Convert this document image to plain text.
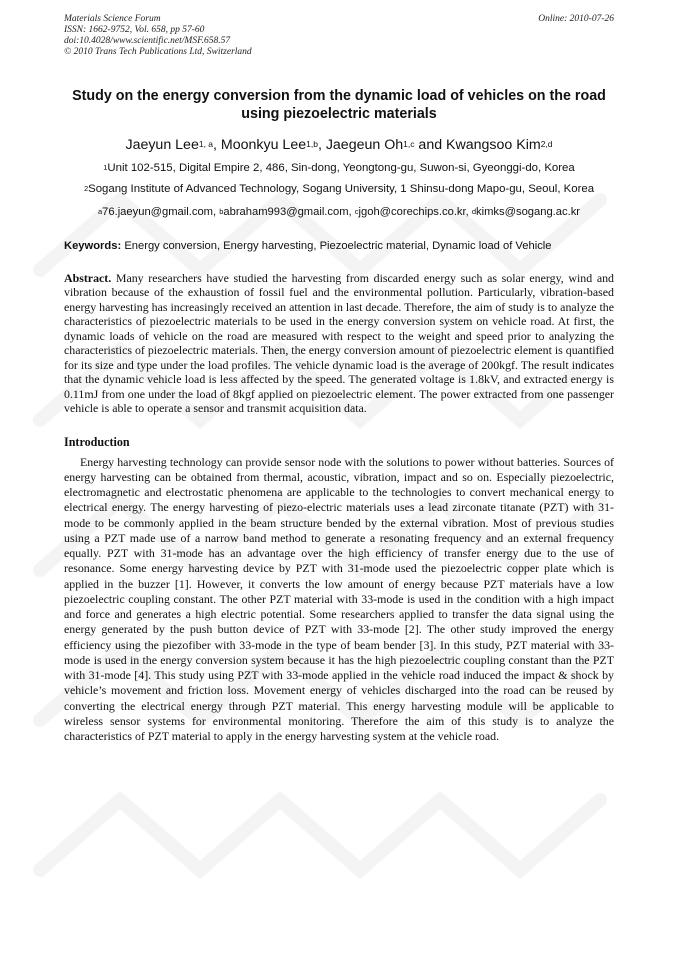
Materials Science Forum
ISSN: 1662-9752, Vol. 658, pp 57-60
doi:10.4028/www.scientific.net/MSF.658.57
© 2010 Trans Tech Publications Ltd, Switzerland
Online: 2010-07-26
Study on the energy conversion from the dynamic load of vehicles on the road using piezoelectric materials
Jaeyun Lee$^{1, a}$, Moonkyu Lee$^{1,b}$, Jaegeun Oh$^{1,c}$ and Kwangsoo Kim$^{2,d}$
$^1$Unit 102-515, Digital Empire 2, 486, Sin-dong, Yeongtong-gu, Suwon-si, Gyeonggi-do, Korea
$^2$Sogang Institute of Advanced Technology, Sogang University, 1 Shinsu-dong Mapo-gu, Seoul, Korea
$^a$76.jaeyun@gmail.com, $^b$abraham993@gmail.com, $^c$jgoh@corechips.co.kr, $^d$kimks@sogang.ac.kr
Keywords: Energy conversion, Energy harvesting, Piezoelectric material, Dynamic load of Vehicle
Abstract. Many researchers have studied the harvesting from discarded energy such as solar energy, wind and vibration because of the exhaustion of fossil fuel and the environmental pollution. Particularly, vibration-based energy harvesting has increasingly received an attention in last decade. Therefore, the aim of study is to analyze the characteristics of piezoelectric materials to be used in the energy conversion system on vehicle road. At first, the dynamic loads of vehicle on the road are measured with respect to the weight and speed prior to analyzing the characteristics of piezoelectric materials. Then, the energy conversion amount of piezoelectric element is quantified for its size and type under the load profiles. The vehicle dynamic load is the average of 200kgf. The result indicates that the dynamic vehicle load is less affected by the speed. The generated voltage is 1.8kV, and extracted energy is 0.11mJ from one under the load of 8kgf applied on piezoelectric element. The power extracted from one passenger vehicle is able to operate a sensor and transmit acquisition data.
Introduction
Energy harvesting technology can provide sensor node with the solutions to power without batteries. Sources of energy harvesting can be obtained from thermal, acoustic, vibration, impact and so on. Especially piezoelectric, electromagnetic and electrostatic phenomena are applicable to the technologies to convert mechanical energy to electrical energy. The energy harvesting of piezo-electric materials uses a lead zirconate titanate (PZT) with 31-mode to be commonly applied in the beam structure bended by the external vibration. Most of previous studies using a PZT made use of a narrow band method to generate a resonating frequency and an external frequency equally. PZT with 31-mode has an advantage over the high efficiency of transfer energy due to the use of resonance. Some energy harvesting device by PZT with 31-mode used the piezoelectric copper plate which is applied in the buzzer [1]. However, it converts the low amount of energy because PZT materials have a low piezoelectric coupling constant. The other PZT material with 33-mode is used in the condition with a high impact and force and generates a high electric potential. Some researchers applied to transfer the data signal using the energy generated by the push button device of PZT with 33-mode [2]. The other study improved the energy efficiency using the piezofiber with 33-mode in the type of beam bender [3]. In this study, PZT material with 33-mode is used in the energy conversion system because it has the high piezoelectric coupling constant than the PZT with 31-mode [4]. This study using PZT with 33-mode applied in the vehicle road induced the impact & shock by vehicle’s movement and friction loss. Movement energy of vehicles discharged into the road can be reused by converting the electrical energy through PZT material. This energy harvesting module will be applicable to wireless sensor systems for environmental monitoring. Therefore the aim of this study is to analyze the characteristics of PZT material to apply in the energy harvesting system at the vehicle road.
